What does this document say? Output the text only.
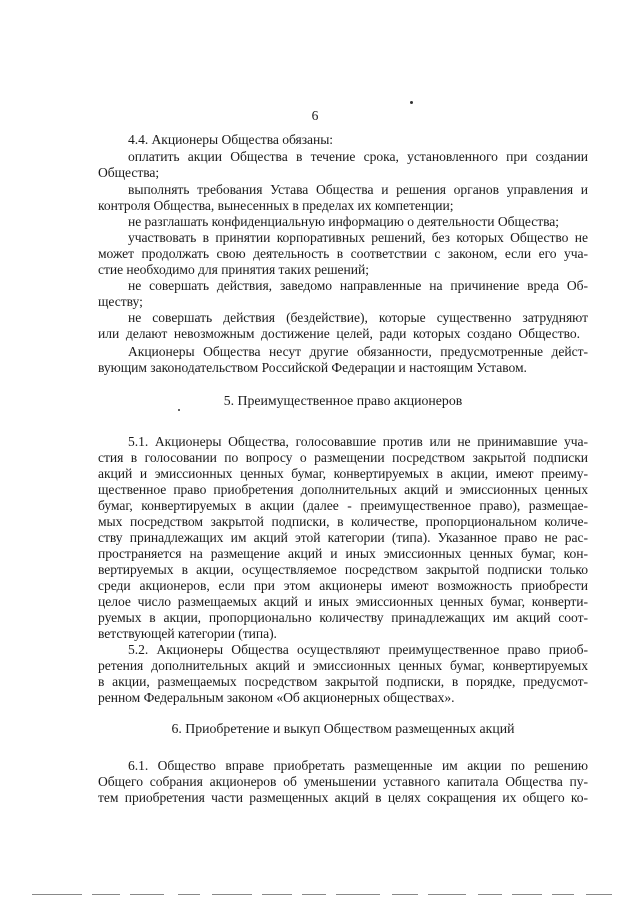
6
4.4. Акционеры Общества обязаны:
оплатить акции Общества в течение срока, установленного при создании
Общества;
выполнять требования Устава Общества и решения органов управления и
контроля Общества, вынесенных в пределах их компетенции;
не разглашать конфиденциальную информацию о деятельности Общества;
участвовать в принятии корпоративных решений, без которых Общество не
может продолжать свою деятельность в соответствии с законом, если его уча-
стие необходимо для принятия таких решений;
не совершать действия, заведомо направленные на причинение вреда Об-
ществу;
не совершать действия (бездействие), которые существенно затрудняют
или делают невозможным достижение целей, ради которых создано Общество.
Акционеры Общества несут другие обязанности, предусмотренные дейст-
вующим законодательством Российской Федерации и настоящим Уставом.
5. Преимущественное право акционеров
5.1. Акционеры Общества, голосовавшие против или не принимавшие уча-
стия в голосовании по вопросу о размещении посредством закрытой подписки
акций и эмиссионных ценных бумаг, конвертируемых в акции, имеют преиму-
щественное право приобретения дополнительных акций и эмиссионных ценных
бумаг, конвертируемых в акции (далее - преимущественное право), размещае-
мых посредством закрытой подписки, в количестве, пропорциональном количе-
ству принадлежащих им акций этой категории (типа). Указанное право не рас-
пространяется на размещение акций и иных эмиссионных ценных бумаг, кон-
вертируемых в акции, осуществляемое посредством закрытой подписки только
среди акционеров, если при этом акционеры имеют возможность приобрести
целое число размещаемых акций и иных эмиссионных ценных бумаг, конверти-
руемых в акции, пропорционально количеству принадлежащих им акций соот-
ветствующей категории (типа).
5.2. Акционеры Общества осуществляют преимущественное право приоб-
ретения дополнительных акций и эмиссионных ценных бумаг, конвертируемых
в акции, размещаемых посредством закрытой подписки, в порядке, предусмот-
ренном Федеральным законом «Об акционерных обществах».
6. Приобретение и выкуп Обществом размещенных акций
6.1. Общество вправе приобретать размещенные им акции по решению
Общего собрания акционеров об уменьшении уставного капитала Общества пу-
тем приобретения части размещенных акций в целях сокращения их общего ко-
